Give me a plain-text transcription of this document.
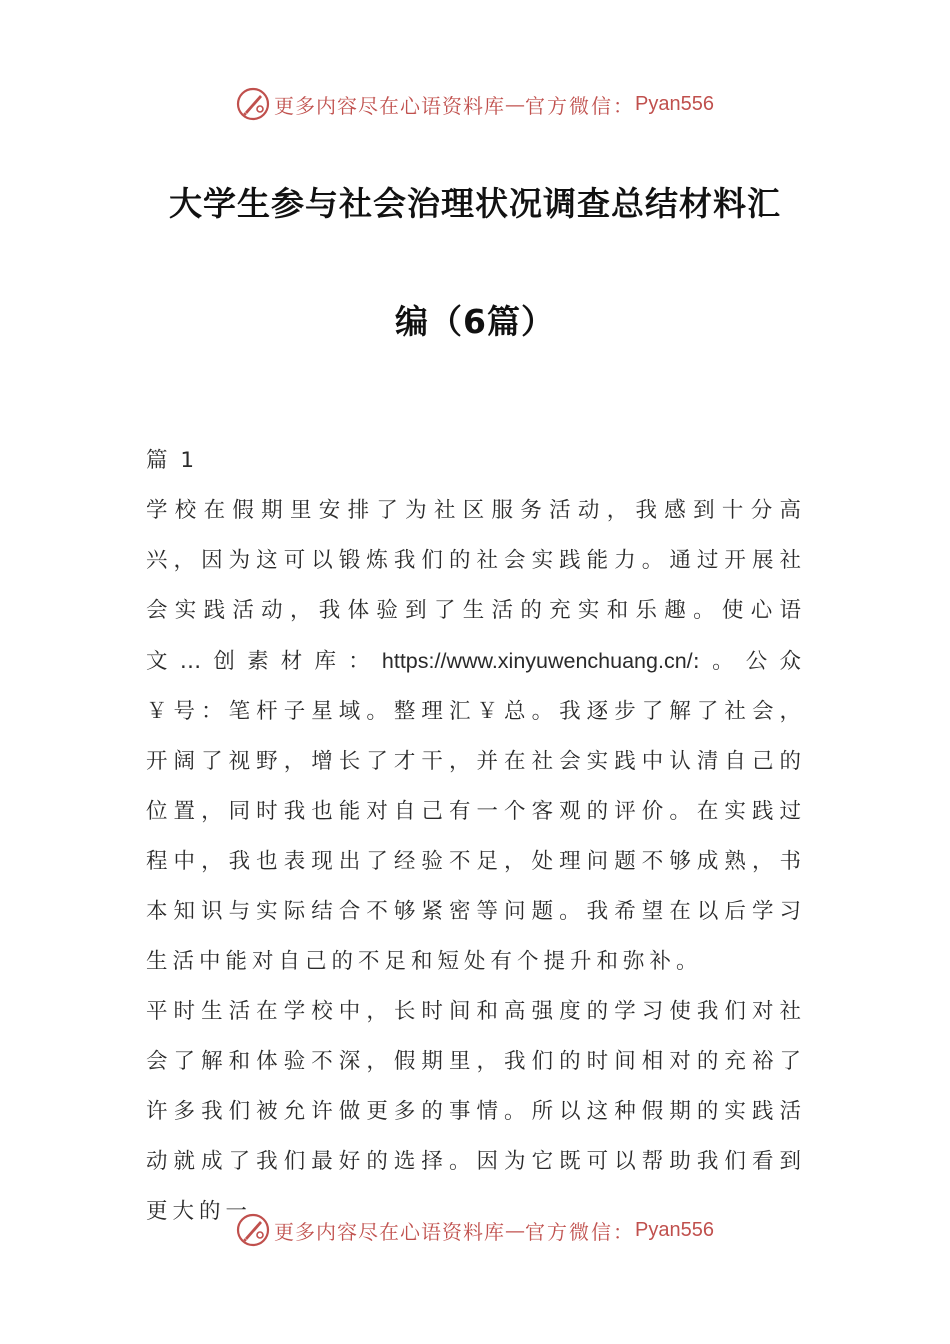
更多内容尽在心语资料库 — 官方微信： Pyan556
大学生参与社会治理状况调查总结材料汇
编（6篇）

篇 1

学校在假期里安排了为社区服务活动，我感到十分高兴，因为这可以锻炼我们的社会实践能力。通过开展社会实践活动，我体验到了生活的充实和乐趣。使心语文…创素材库：https://www.xinyuwenchuang.cn/:。公众￥号：笔杆子星域。整理汇￥总。我逐步了解了社会，开阔了视野，增长了才干，并在社会实践中认清自己的位置，同时我也能对自己有一个客观的评价。在实践过程中，我也表现出了经验不足，处理问题不够成熟，书本知识与实际结合不够紧密等问题。我希望在以后学习生活中能对自己的不足和短处有个提升和弥补。

平时生活在学校中，长时间和高强度的学习使我们对社会了解和体验不深，假期里，我们的时间相对的充裕了许多我们被允许做更多的事情。所以这种假期的实践活动就成了我们最好的选择。因为它既可以帮助我们看到更大的一

更多内容尽在心语资料库 — 官方微信： Pyan556
